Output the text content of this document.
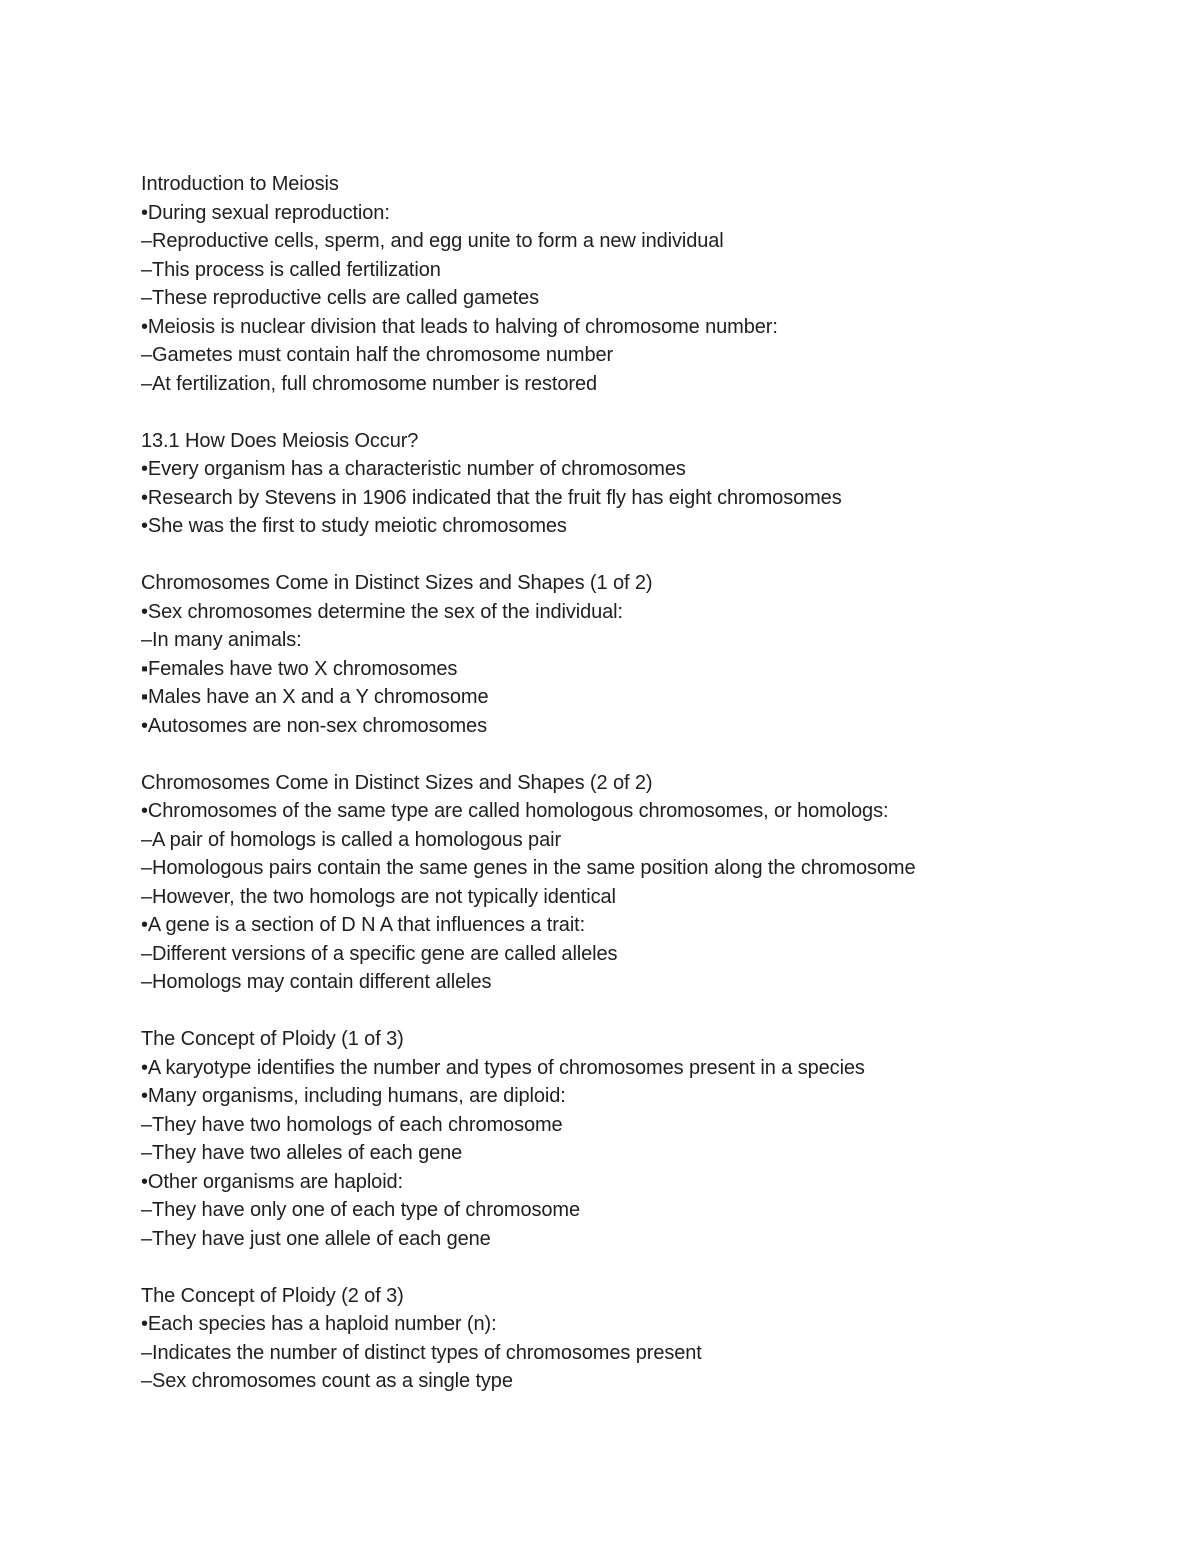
Introduction to Meiosis
•During sexual reproduction:
–Reproductive cells, sperm, and egg unite to form a new individual
–This process is called fertilization
–These reproductive cells are called gametes
•Meiosis is nuclear division that leads to halving of chromosome number:
–Gametes must contain half the chromosome number
–At fertilization, full chromosome number is restored
13.1 How Does Meiosis Occur?
•Every organism has a characteristic number of chromosomes
•Research by Stevens in 1906 indicated that the fruit fly has eight chromosomes
•She was the first to study meiotic chromosomes
Chromosomes Come in Distinct Sizes and Shapes (1 of 2)
•Sex chromosomes determine the sex of the individual:
–In many animals:
▪Females have two X chromosomes
▪Males have an X and a Y chromosome
•Autosomes are non-sex chromosomes
Chromosomes Come in Distinct Sizes and Shapes (2 of 2)
•Chromosomes of the same type are called homologous chromosomes, or homologs:
–A pair of homologs is called a homologous pair
–Homologous pairs contain the same genes in the same position along the chromosome
–However, the two homologs are not typically identical
•A gene is a section of D N A that influences a trait:
–Different versions of a specific gene are called alleles
–Homologs may contain different alleles
The Concept of Ploidy (1 of 3)
•A karyotype identifies the number and types of chromosomes present in a species
•Many organisms, including humans, are diploid:
–They have two homologs of each chromosome
–They have two alleles of each gene
•Other organisms are haploid:
–They have only one of each type of chromosome
–They have just one allele of each gene
The Concept of Ploidy (2 of 3)
•Each species has a haploid number (n):
–Indicates the number of distinct types of chromosomes present
–Sex chromosomes count as a single type
